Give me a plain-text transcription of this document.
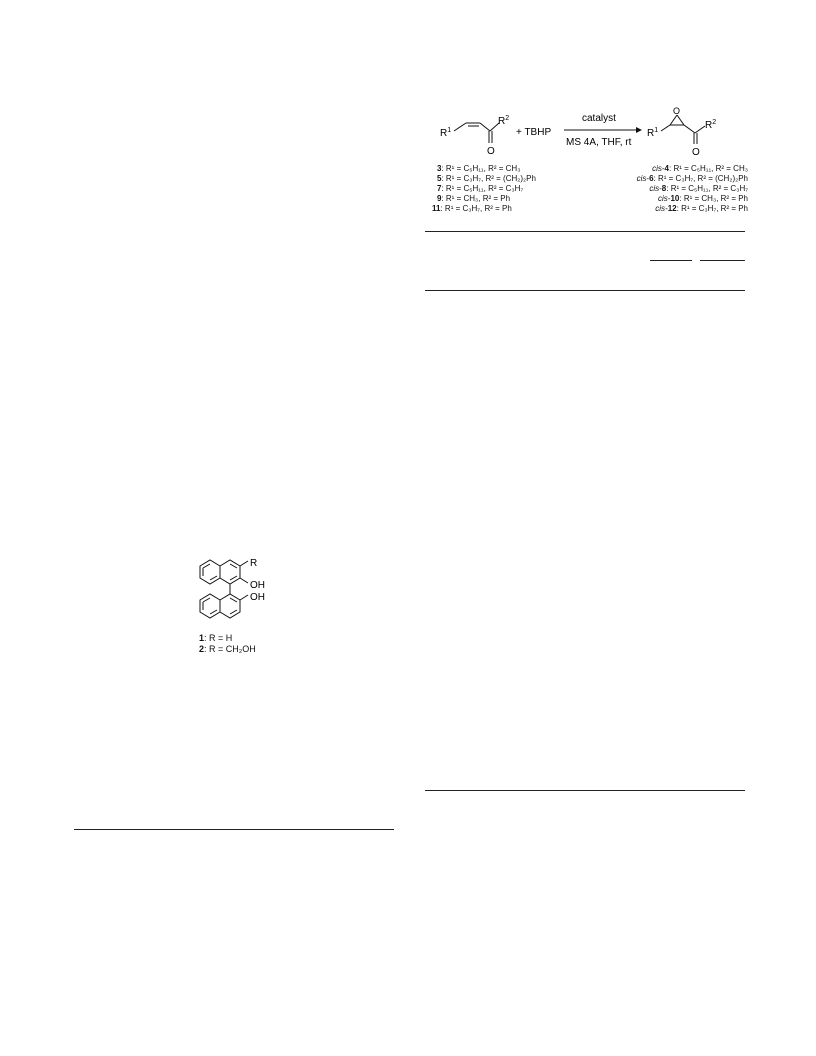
$R^1$
$R^2$
O
+ TBHP
catalyst
MS 4A, THF, rt
O
$R^1$	$R^2$
O
3: R¹ = C₅H₁₁, R² = CH₃
5: R¹ = C₃H₇, R² = (CH₂)₂Ph
7: R¹ = C₅H₁₁, R² = C₃H₇
9: R¹ = CH₃, R² = Ph
11: R¹ = C₃H₇, R² = Ph
cis-4: R¹ = C₅H₁₁, R² = CH₃
cis-6: R¹ = C₃H₇, R² = (CH₂)₂Ph
cis-8: R¹ = C₅H₁₁, R² = C₃H₇
cis-10: R¹ = CH₃, R² = Ph
cis-12: R¹ = C₃H₇, R² = Ph
R
OH
OH
1: R = H
2: R = CH₂OH
